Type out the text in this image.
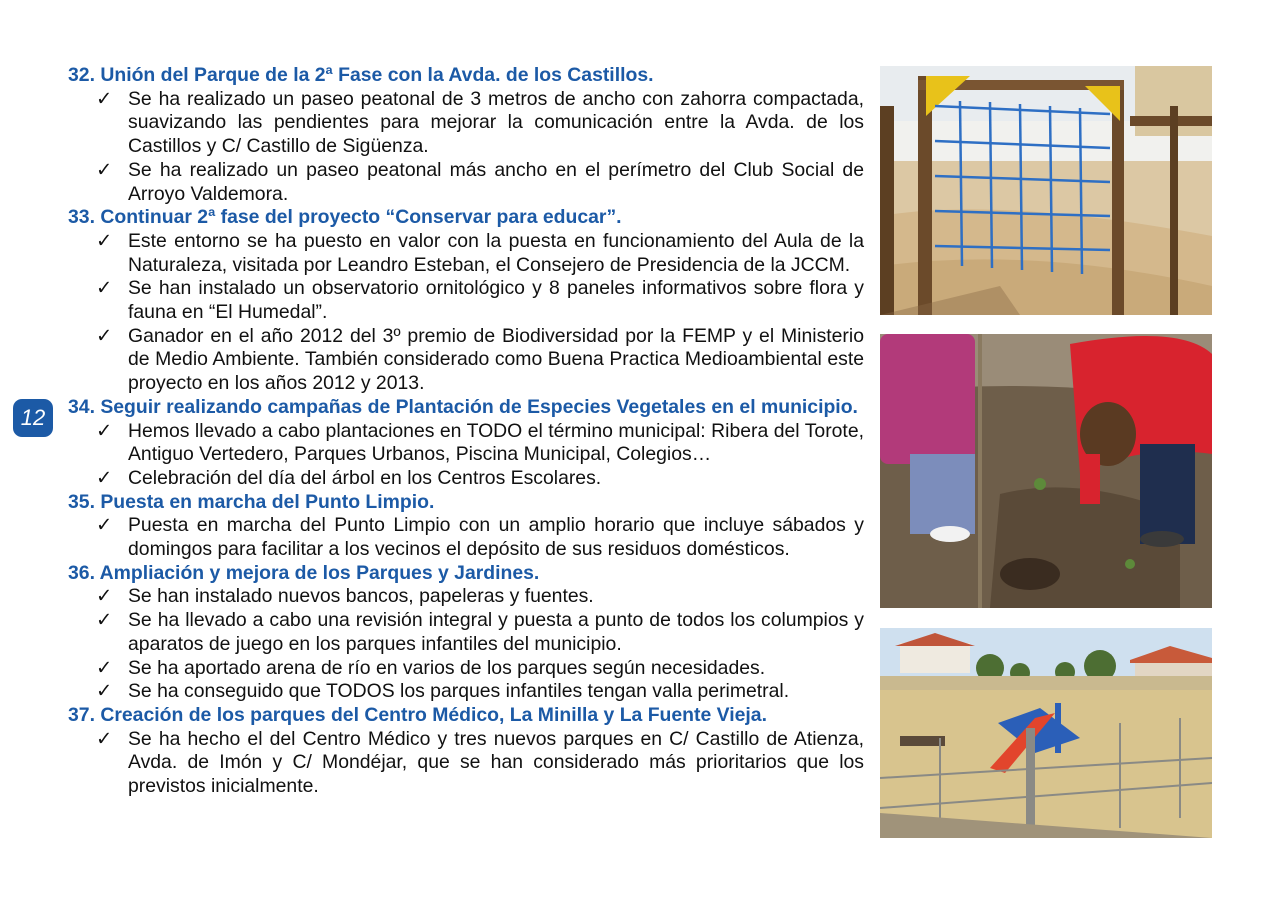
12
32. Unión del Parque de la 2ª Fase con la Avda. de los Castillos.
✓ Se ha realizado un paseo peatonal de 3 metros de ancho con zahorra compactada, suavizando las pendientes para mejorar la comunicación entre la Avda. de los Castillos y C/ Castillo de Sigüenza.
✓ Se ha realizado un paseo peatonal más ancho en el perímetro del Club Social de Arroyo Valdemora.
33. Continuar 2ª fase del proyecto “Conservar para educar”.
✓ Este entorno se ha puesto en valor con la puesta en funcionamiento del Aula de la Naturaleza, visitada por Leandro Esteban, el Consejero de Presidencia de la JCCM.
✓ Se han instalado un observatorio ornitológico y 8 paneles informativos sobre flora y fauna en “El Humedal”.
✓ Ganador en el año 2012 del 3º premio de Biodiversidad por la FEMP y el Ministerio de Medio Ambiente. También considerado como Buena Practica Medioambiental este proyecto en los años 2012 y 2013.
34. Seguir realizando campañas de Plantación de Especies Vegetales en el municipio.
✓ Hemos llevado a cabo plantaciones en TODO el término municipal: Ribera del Torote, Antiguo Vertedero, Parques Urbanos, Piscina Municipal, Colegios…
✓ Celebración del día del árbol en los Centros Escolares.
35. Puesta en marcha del Punto Limpio.
✓ Puesta en marcha del Punto Limpio con un amplio horario que incluye sábados y domingos para facilitar a los vecinos el depósito de sus residuos domésticos.
36. Ampliación y mejora de los Parques y Jardines.
✓ Se han instalado nuevos bancos, papeleras y fuentes.
✓ Se ha llevado a cabo una revisión integral y puesta a punto de todos los columpios y aparatos de juego en los parques infantiles del municipio.
✓ Se ha aportado arena de río en varios de los parques según necesidades.
✓ Se ha conseguido que TODOS los parques infantiles tengan valla perimetral.
37. Creación de los parques del Centro Médico, La Minilla y La Fuente Vieja.
✓ Se ha hecho el del Centro Médico y tres nuevos parques en C/ Castillo de Atienza, Avda. de Imón y C/ Mondéjar, que se han considerado más prioritarios que los previstos inicialmente.
